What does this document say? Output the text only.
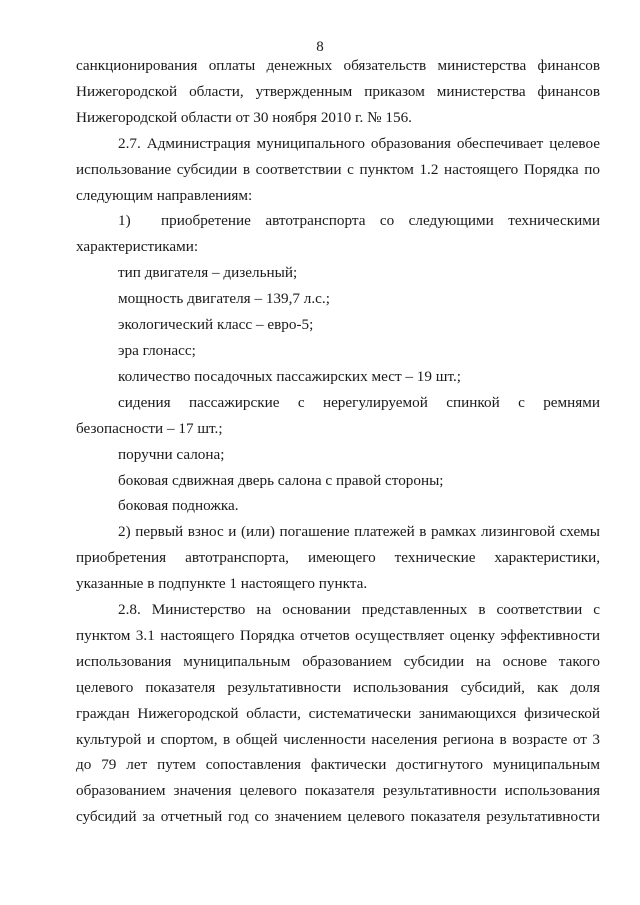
8

санкционирования оплаты денежных обязательств министерства финансов Нижегородской области, утвержденным приказом министерства финансов Нижегородской области от 30 ноября 2010 г. № 156.

2.7. Администрация муниципального образования обеспечивает целевое использование субсидии в соответствии с пунктом 1.2 настоящего Порядка по следующим направлениям:

1)  приобретение автотранспорта со следующими техническими характеристиками:

тип двигателя – дизельный;

мощность двигателя – 139,7 л.с.;

экологический класс – евро-5;

эра глонасс;

количество посадочных пассажирских мест – 19 шт.;

сидения пассажирские с нерегулируемой спинкой с ремнями безопасности – 17 шт.;

поручни салона;

боковая сдвижная дверь салона с правой стороны;

боковая подножка.

2) первый взнос и (или) погашение платежей в рамках лизинговой схемы приобретения автотранспорта, имеющего технические характеристики, указанные в подпункте 1 настоящего пункта.

2.8. Министерство на основании представленных в соответствии с пунктом 3.1 настоящего Порядка отчетов осуществляет оценку эффективности использования муниципальным образованием субсидии на основе такого целевого показателя результативности использования субсидий, как доля граждан Нижегородской области, систематически занимающихся физической культурой и спортом, в общей численности населения региона в возрасте от 3 до 79 лет путем сопоставления фактически достигнутого муниципальным образованием значения целевого показателя результативности использования субсидий за отчетный год со значением целевого показателя результативности
